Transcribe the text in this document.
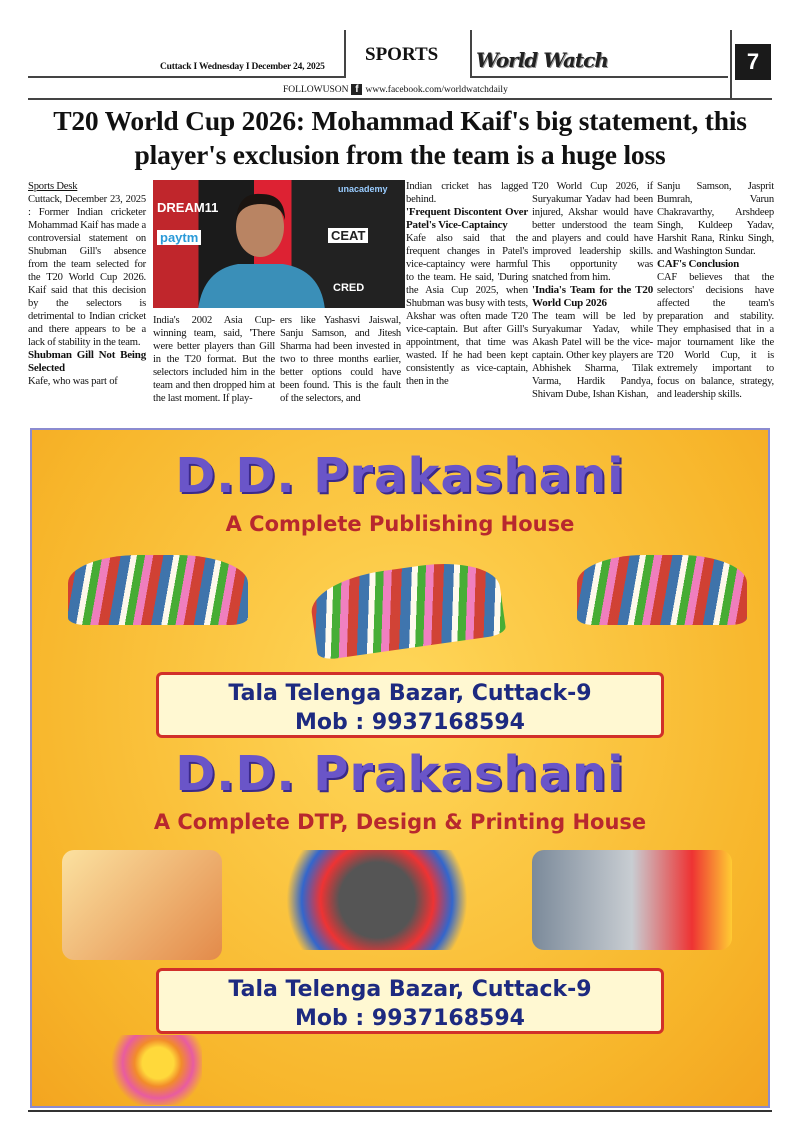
Cuttack I Wednesday I December 24, 2025
SPORTS World Watch	7
FOLLOWUSON f www.facebook.com/worldwatchdaily
T20 World Cup 2026: Mohammad Kaif's big statement, this player's exclusion from the team is a huge loss

Sports Desk

Cuttack, December 23, 2025 : Former Indian cricketer Mohammad Kaif has made a controversial statement on Shubman Gill's absence from the team selected for the T20 World Cup 2026. Kaif said that this decision by the selectors is detrimental to Indian cricket and there appears to be a lack of stability in the team.

Shubman Gill Not Being Selected

Kafe, who was part of

DREAM11
paytm	CEAT
CRED
unacademy

India's 2002 Asia Cup-winning team, said, 'There were better players than Gill in the T20 format. But the selectors included him in the team and then dropped him at the last moment. If play-

ers like Yashasvi Jaiswal, Sanju Samson, and Jitesh Sharma had been invested in two to three months earlier, better options could have been found. This is the fault of the selectors, and

Indian cricket has lagged behind.

'Frequent Discontent Over Patel's Vice-Captaincy

Kafe also said that the frequent changes in Patel's vice-captaincy were harmful to the team. He said, 'During the Asia Cup 2025, when Shubman was busy with tests, Akshar was often made T20 vice-captain. But after Gill's appointment, that time was wasted. If he had been kept consistently as vice-captain, then in the

T20 World Cup 2026, if Suryakumar Yadav had been injured, Akshar would have better understood the team and players and could have improved leadership skills. This opportunity was snatched from him.

'India's Team for the T20 World Cup 2026

The team will be led by Suryakumar Yadav, while Akash Patel will be the vice-captain. Other key players are Abhishek Sharma, Tilak Varma, Hardik Pandya, Shivam Dube, Ishan Kishan,

Sanju Samson, Jasprit Bumrah, Varun Chakravarthy, Arshdeep Singh, Kuldeep Yadav, Harshit Rana, Rinku Singh, and Washington Sundar.

CAF's Conclusion

CAF believes that the selectors' decisions have affected the team's preparation and stability. They emphasised that in a major tournament like the T20 World Cup, it is extremely important to focus on balance, strategy, and leadership skills.

D.D. Prakashani
A Complete Publishing House
Tala Telenga Bazar, Cuttack-9
Mob : 9937168594
D.D. Prakashani
A Complete DTP, Design & Printing House
Tala Telenga Bazar, Cuttack-9
Mob : 9937168594
